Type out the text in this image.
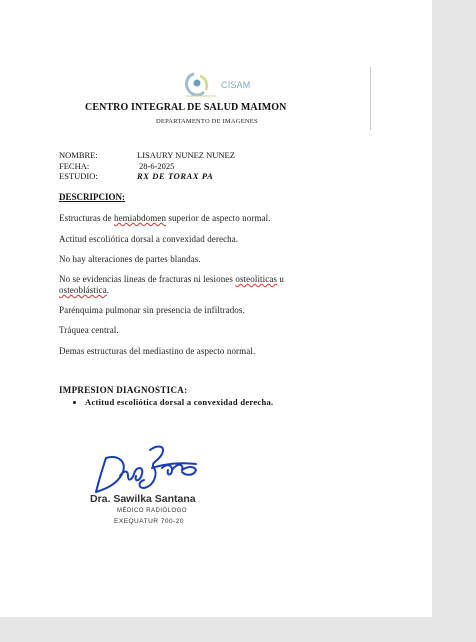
CISAM
CENTRO INTEGRAL DE SALUD MAIMON
DEPARTAMENTO DE IMAGENES
NOMBRE:	LISAURY NUNEZ NUNEZ
FECHA:	28-6-2025
ESTUDIO:	RX DE TORAX PA
DESCRIPCION:
Estructuras de hemiabdomen superior de aspecto normal.
Actitud escoliótica dorsal a convexidad derecha.
No hay alteraciones de partes blandas.
No se evidencias lineas de fracturas ni lesiones osteoliticas u
osteoblástica.
Parénquima pulmonar sin presencia de infiltrados.
Tráquea central.
Demas estructuras del mediastino de aspecto normal.
IMPRESION DIAGNOSTICA:
Actitud escoliótica dorsal a convexidad derecha.
Dra. Sawilka Santana
MÉDICO RADIÓLOGO
EXEQUATUR 700-20
